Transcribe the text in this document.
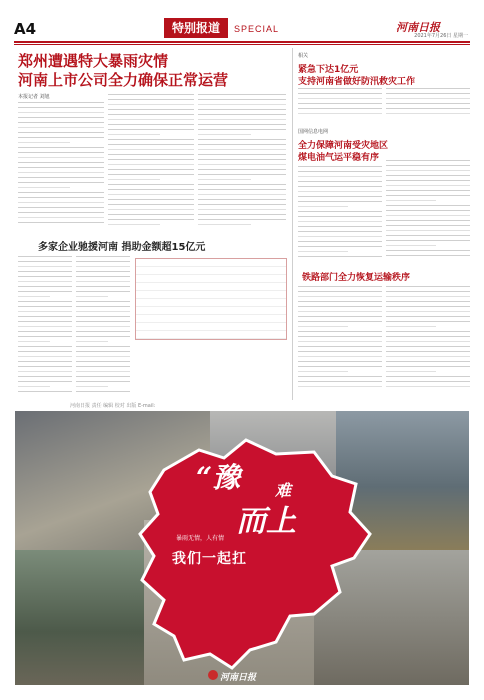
A4	特别报道	SPECIAL	河南日报
2021年7月26日 星期一
郑州遭遇特大暴雨灾情
河南上市公司全力确保正常运营
本报记者 刘旭
多家企业驰援河南 捐助金额超15亿元
相关
紧急下达1亿元
支持河南省做好防汛救灾工作
国网信息电网
全力保障河南受灾地区
煤电油气运平稳有序
铁路部门全力恢复运输秩序
河南日报 责任 编辑 校对 出版 E-mail:
“豫 难
而上
暴雨无情，人有情
我们一起扛
河南日报
